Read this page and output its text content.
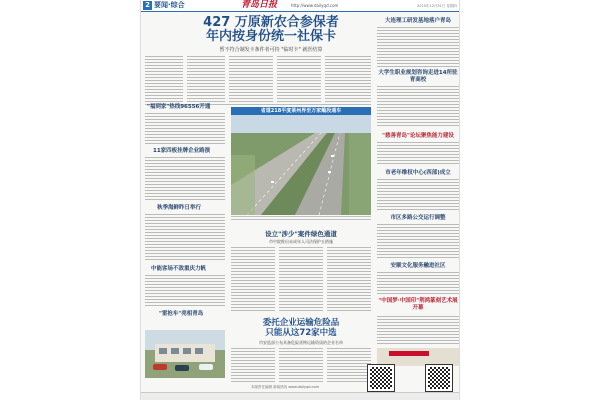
2 要闻·综合	青岛日报	http://www.dailyqd.com	2015年12月31日 星期四
427 万原新农合参保者
年内按身份统一社保卡
暂不符合制发卡条件者可持 "临时卡" 就医结算
"福到家"热线96556开通
11家四板挂牌企业路演
秋季海鲜昨日举行
中能客场不敌重庆力帆
"雷抢车"亮相青岛
省道218平度莱州界至万家鲻段通车
设立"涉少"案件绿色通道
市中院推出未成年人司法保护五措施
委托企业运输危险品
只能从这72家中选
市安监部公布具备危险货物运输资质的企业名单
大连理工研发基地落户青岛
大学生职业规划咨询走进14所驻青高校
"慈善青岛"论坛聚焦能力建设
市老年维权中心(西部)成立
市区多路公交运行调整
安顺文化服务融进社区
"中国梦·中国印"荆鸿篆刻艺术展开幕
本版责任编辑 新闻热线 www.dailyqd.com
